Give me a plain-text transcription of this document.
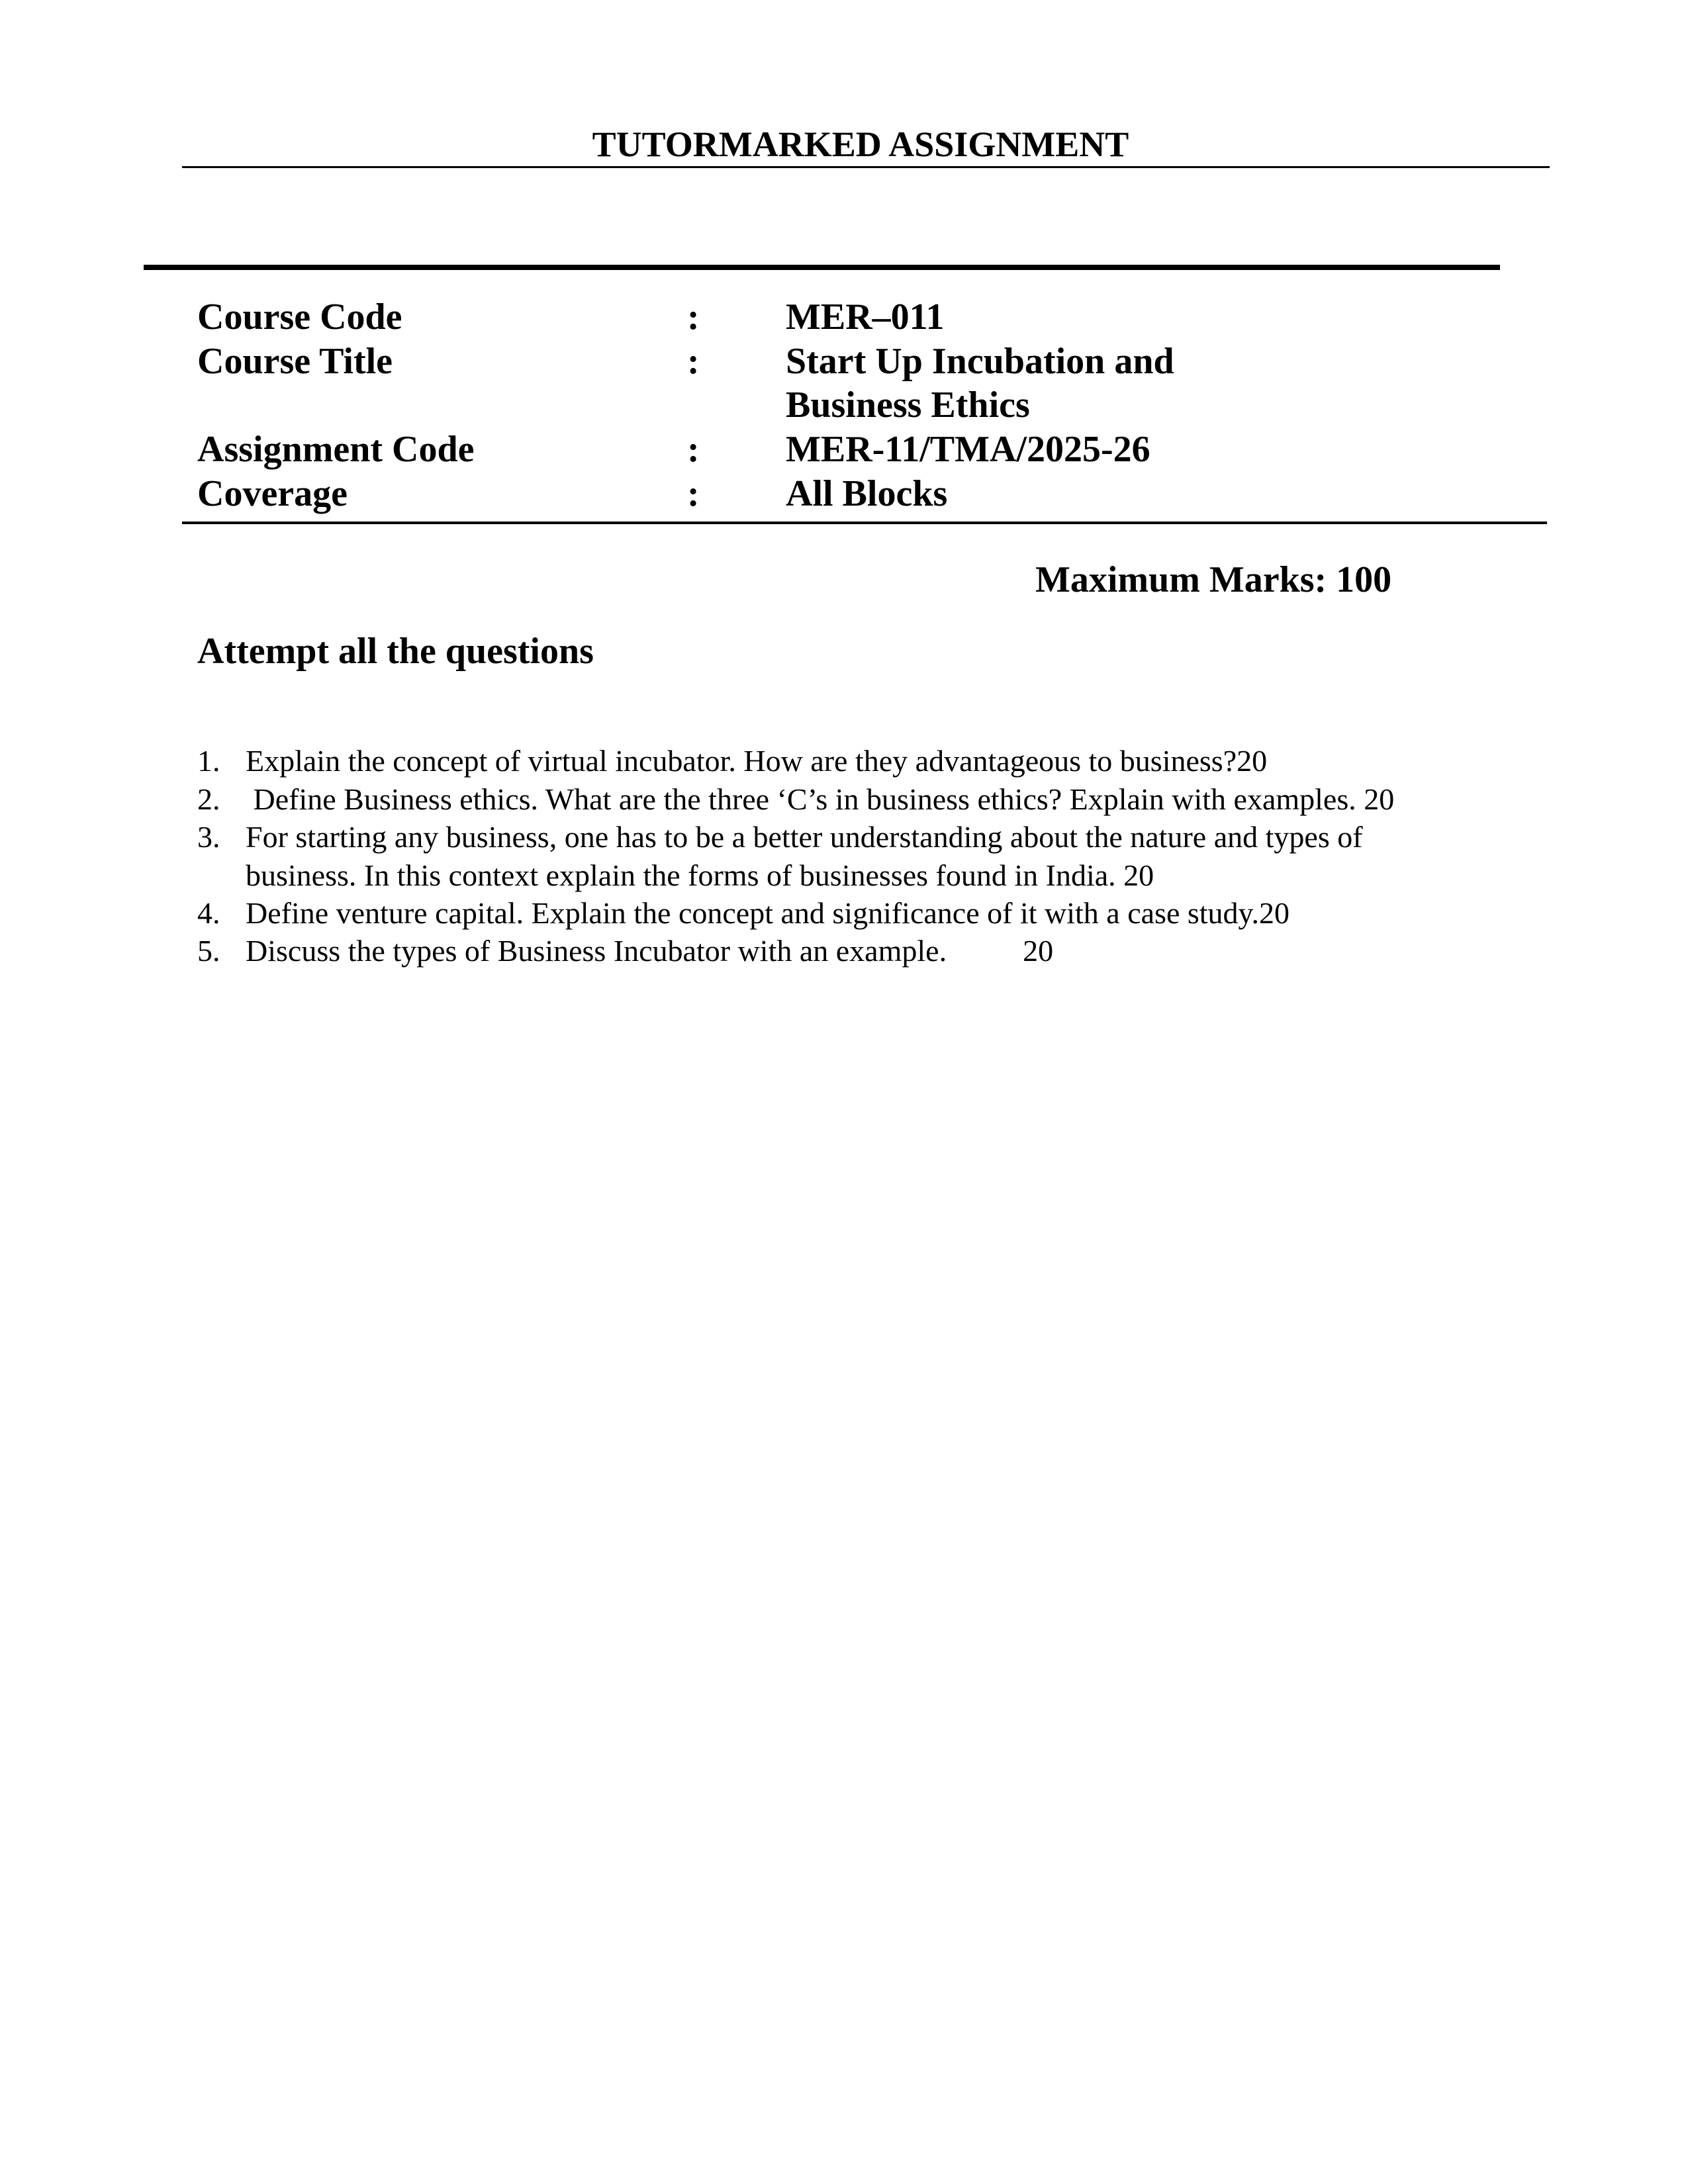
TUTORMARKED ASSIGNMENT
Course Code	: MER–011
Course Title	: Start Up Incubation and
Business Ethics
Assignment Code	: MER-11/TMA/2025-26
Coverage	: All Blocks
Maximum Marks: 100
Attempt all the questions
1. Explain the concept of virtual incubator. How are they advantageous to business?20
2. Define Business ethics. What are the three ‘C’s in business ethics? Explain with examples. 20
3. For starting any business, one has to be a better understanding about the nature and types of
business. In this context explain the forms of businesses found in India. 20
4. Define venture capital. Explain the concept and significance of it with a case study.20
5. Discuss the types of Business Incubator with an example.          20
